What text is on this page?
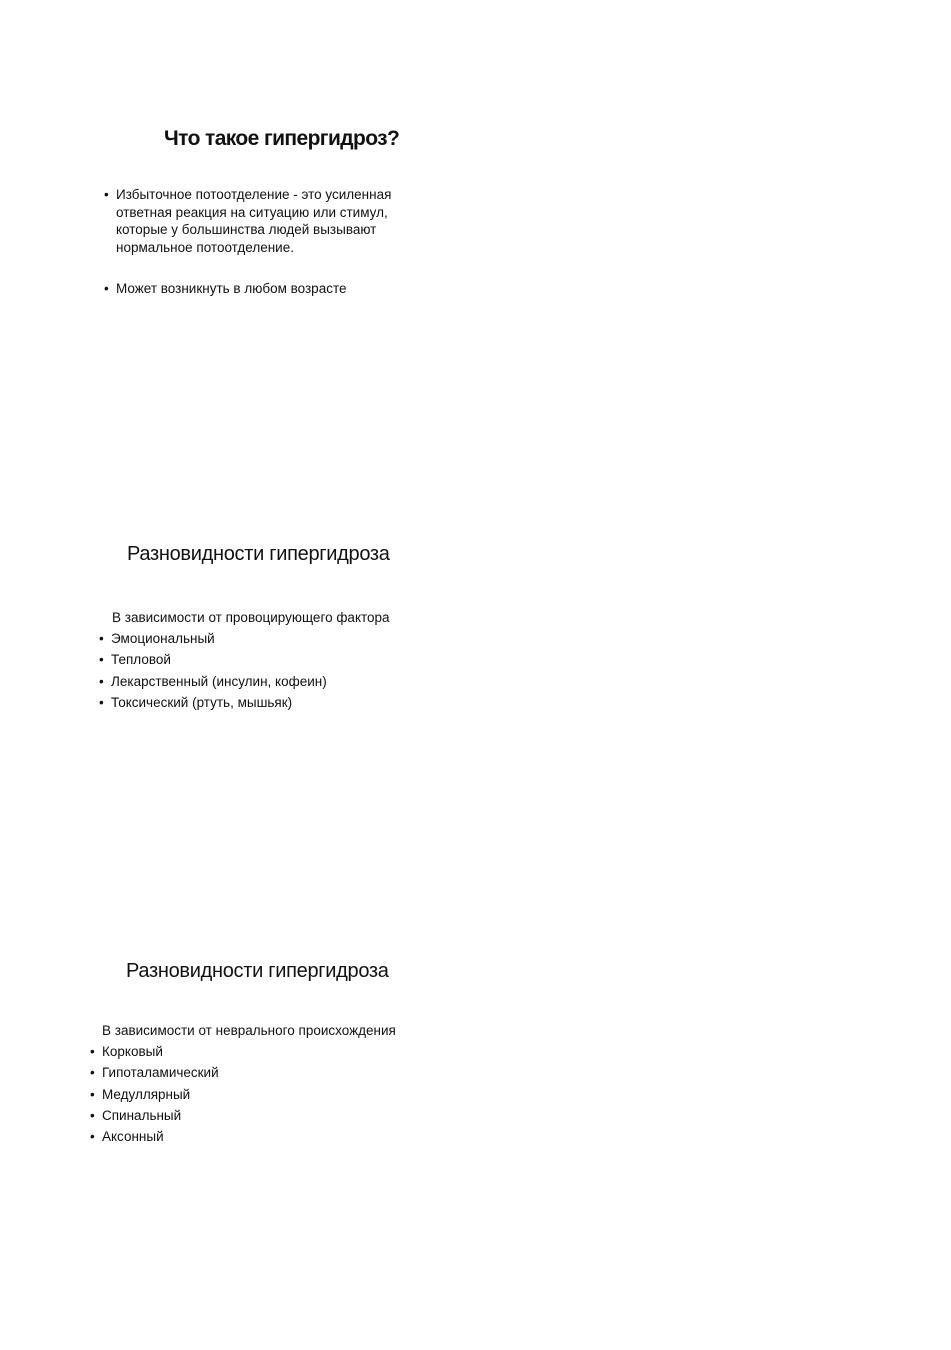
Что такое гипергидроз?
• Избыточное потоотделение - это усиленная ответная реакция на ситуацию или стимул, которые у большинства людей вызывают нормальное потоотделение.
• Может возникнуть в любом возрасте
Разновидности гипергидроза

В зависимости от провоцирующего фактора

• Эмоциональный
• Тепловой
• Лекарственный (инсулин, кофеин)
• Токсический (ртуть, мышьяк)
Разновидности гипергидроза

В зависимости от неврального происхождения

• Корковый
• Гипоталамический
• Медуллярный
• Спинальный
• Аксонный
